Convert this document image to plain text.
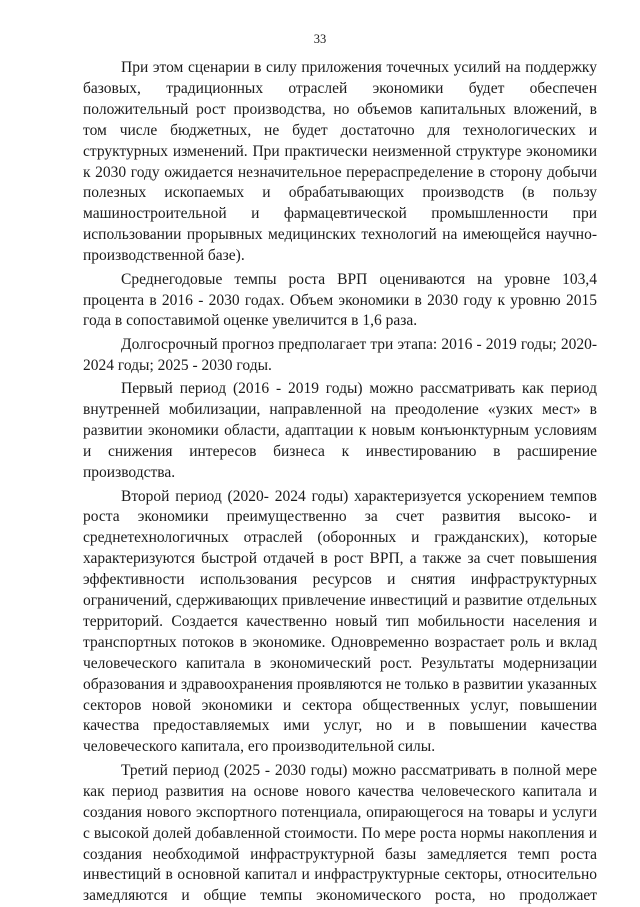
33

При этом сценарии в силу приложения точечных усилий на поддержку базовых, традиционных отраслей экономики будет обеспечен положительный рост производства, но объемов капитальных вложений, в том числе бюджетных, не будет достаточно для технологических и структурных изменений. При практически неизменной структуре экономики к 2030 году ожидается незначительное перераспределение в сторону добычи полезных ископаемых и обрабатывающих производств (в пользу машиностроительной и фармацевтической промышленности при использовании прорывных медицинских технологий на имеющейся научно-производственной базе).

Среднегодовые темпы роста ВРП оцениваются на уровне 103,4 процента в 2016 - 2030 годах. Объем экономики в 2030 году к уровню 2015 года в сопоставимой оценке увеличится в 1,6 раза.

Долгосрочный прогноз предполагает три этапа: 2016 - 2019 годы; 2020-2024 годы; 2025 - 2030 годы.

Первый период (2016 - 2019 годы) можно рассматривать как период внутренней мобилизации, направленной на преодоление «узких мест» в развитии экономики области, адаптации к новым конъюнктурным условиям и снижения интересов бизнеса к инвестированию в расширение производства.

Второй период (2020- 2024 годы) характеризуется ускорением темпов роста экономики преимущественно за счет развития высоко- и среднетехнологичных отраслей (оборонных и гражданских), которые характеризуются быстрой отдачей в рост ВРП, а также за счет повышения эффективности использования ресурсов и снятия инфраструктурных ограничений, сдерживающих привлечение инвестиций и развитие отдельных территорий. Создается качественно новый тип мобильности населения и транспортных потоков в экономике. Одновременно возрастает роль и вклад человеческого капитала в экономический рост. Результаты модернизации образования и здравоохранения проявляются не только в развитии указанных секторов новой экономики и сектора общественных услуг, повышении качества предоставляемых ими услуг, но и в повышении качества человеческого капитала, его производительной силы.

Третий период (2025 - 2030 годы) можно рассматривать в полной мере как период развития на основе нового качества человеческого капитала и создания нового экспортного потенциала, опирающегося на товары и услуги с высокой долей добавленной стоимости. По мере роста нормы накопления и создания необходимой инфраструктурной базы замедляется темп роста инвестиций в основной капитал и инфраструктурные секторы, относительно замедляются и общие темпы экономического роста, но продолжает
